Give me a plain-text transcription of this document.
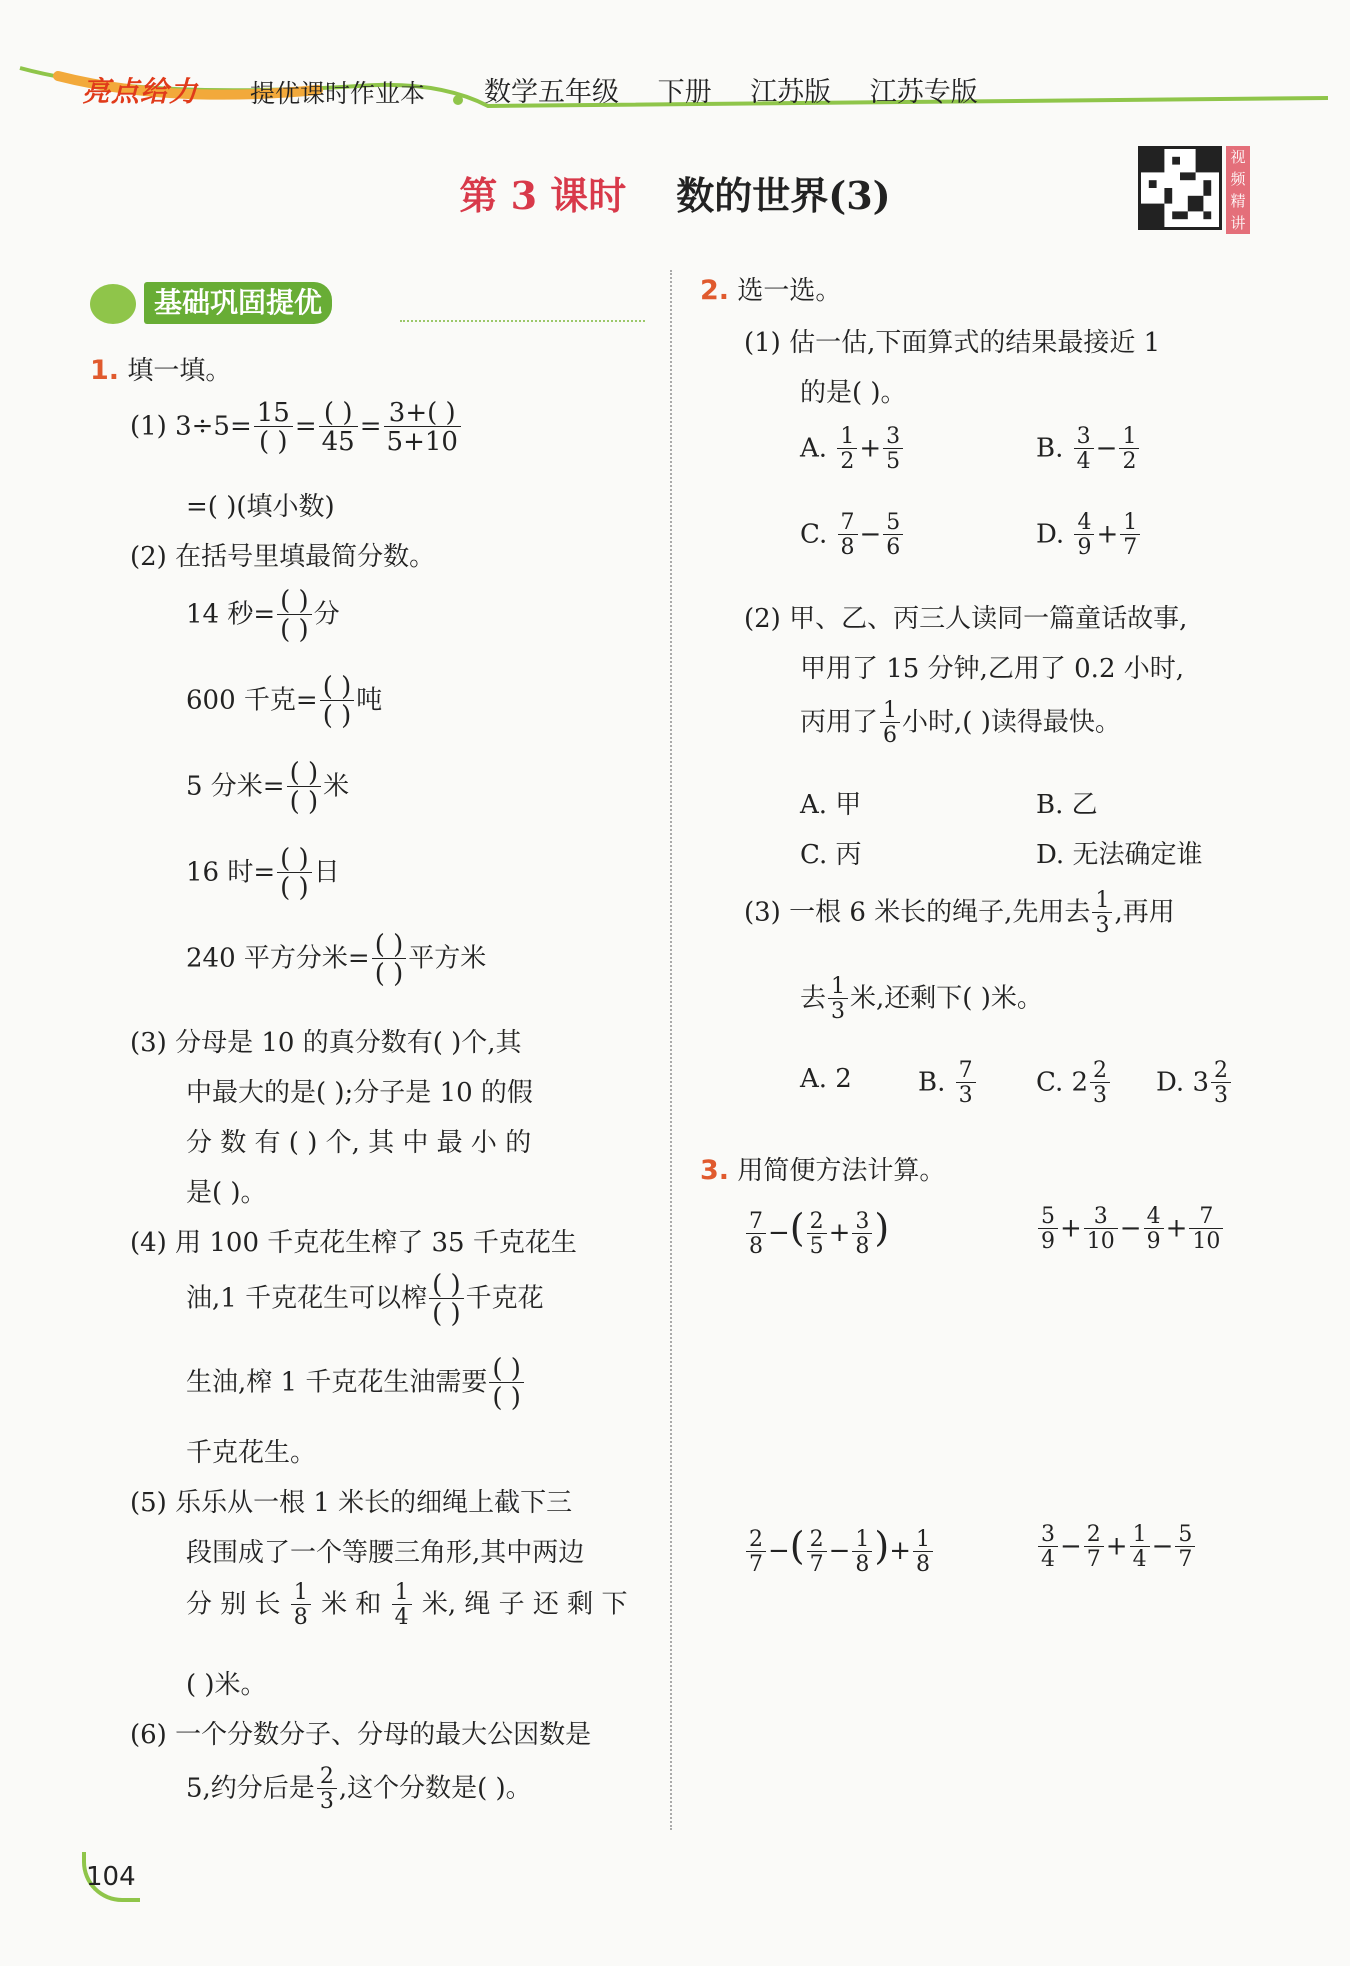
亮点给力 提优课时作业本 数学五年级 下册 江苏版 江苏专版
第 3 课时 数的世界(3)
视频精讲
基础巩固提优
1. 填一填。
(1) $3\div 5= \frac{15}{( )} = \frac{( )}{45} = \frac{3+( )}{5+10}$
=( )(填小数)
(2) 在括号里填最简分数。
14 秒= $\frac{( )}{( )}$ 分
600 千克= $\frac{( )}{( )}$ 吨
5 分米= $\frac{( )}{( )}$ 米
16 时= $\frac{( )}{( )}$ 日
240 平方分米= $\frac{( )}{( )}$ 平方米
(3) 分母是 10 的真分数有( )个,其
中最大的是( );分子是 10 的假
分 数 有 ( ) 个, 其 中 最 小 的
是( )。
(4) 用 100 千克花生榨了 35 千克花生
油,1 千克花生可以榨 $\frac{( )}{( )}$ 千克花
生油,榨 1 千克花生油需要 $\frac{( )}{( )}$
千克花生。
(5) 乐乐从一根 1 米长的细绳上截下三
段围成了一个等腰三角形,其中两边
分 别 长 $\frac{1}{8}$ 米 和 $\frac{1}{4}$ 米, 绳 子 还 剩 下
( )米。
(6) 一个分数分子、分母的最大公因数是
5,约分后是 $\frac{2}{3}$ ,这个分数是( )。
2. 选一选。
(1) 估一估,下面算式的结果最接近 1
的是( )。
A. $\frac{1}{2} + \frac{3}{5}$	B. $\frac{3}{4} - \frac{1}{2}$
C. $\frac{7}{8} - \frac{5}{6}$	D. $\frac{4}{9} + \frac{1}{7}$
(2) 甲、乙、丙三人读同一篇童话故事,
甲用了 15 分钟,乙用了 0.2 小时,
丙用了 $\frac{1}{6}$ 小时,( )读得最快。
A. 甲	B. 乙
C. 丙	D. 无法确定谁
(3) 一根 6 米长的绳子,先用去 $\frac{1}{3}$ ,再用
去 $\frac{1}{3}$ 米,还剩下( )米。
A. 2	B. $\frac{7}{3} C$. $2 \frac{2}{3} D$. $3 \frac{2}{3}$
3. 用简便方法计算。
$\frac{7}{8}$ −( $\frac{2}{5} + \frac{3}{8}$ )	$\frac{5}{9} + \frac{3}{10} - \frac{4}{9} + \frac{7}{10}$
$\frac{2}{7}$ −( $\frac{2}{7} - \frac{1}{8}$ )+ $\frac{1}{8}$	$\frac{3}{4} - \frac{2}{7} + \frac{1}{4} - \frac{5}{7}$
104
